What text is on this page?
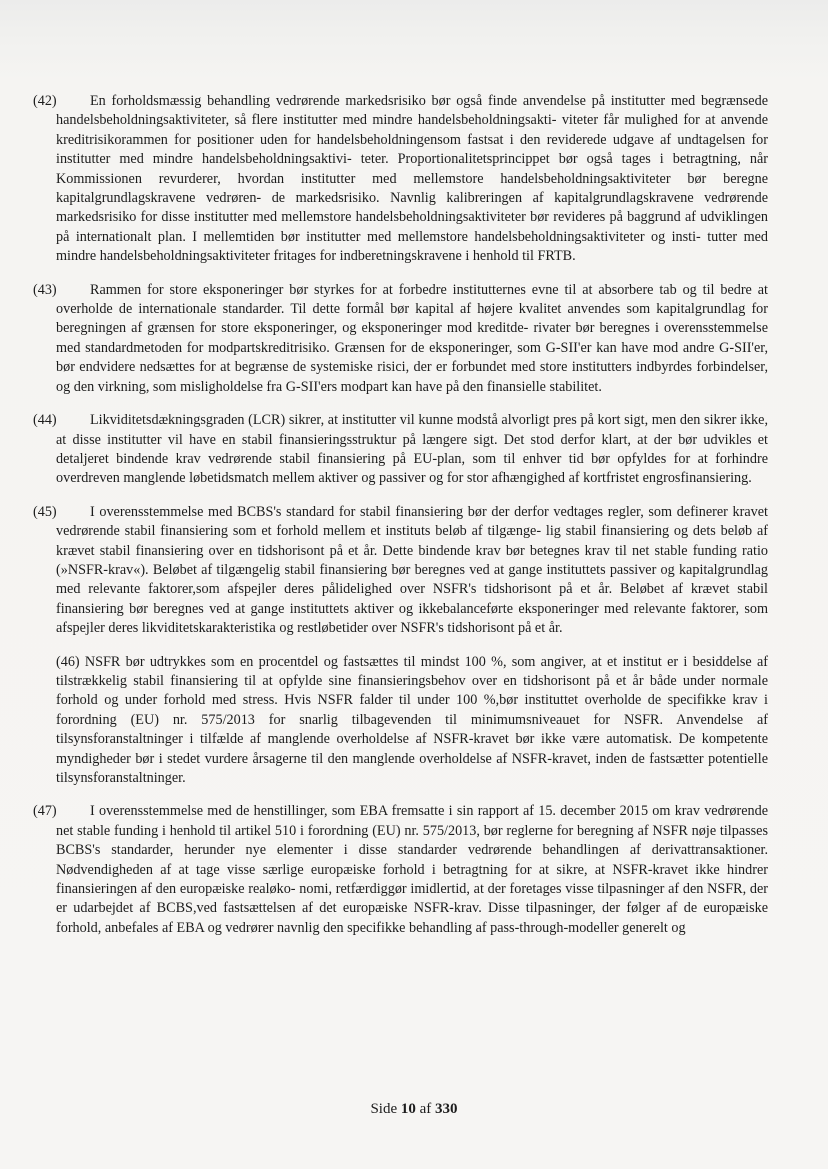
(42)	En forholdsmæssig behandling vedrørende markedsrisiko bør også finde anvendelse på institutter med begrænsede handelsbeholdningsaktiviteter, så flere institutter med mindre handelsbeholdningsakti- viteter får mulighed for at anvende kreditrisikorammen for positioner uden for handelsbeholdningensom fastsat i den reviderede udgave af undtagelsen for institutter med mindre handelsbeholdningsaktivi- teter. Proportionalitetsprincippet bør også tages i betragtning, når Kommissionen revurderer, hvordan institutter med mellemstore handelsbeholdningsaktiviteter bør beregne kapitalgrundlagskravene vedrøren- de markedsrisiko. Navnlig kalibreringen af kapitalgrundlagskravene vedrørende markedsrisiko for disse institutter med mellemstore handelsbeholdningsaktiviteter bør revideres på baggrund af udviklingen på internationalt plan. I mellemtiden bør institutter med mellemstore handelsbeholdningsaktiviteter og insti- tutter med mindre handelsbeholdningsaktiviteter fritages for indberetningskravene i henhold til FRTB.
(43)	Rammen for store eksponeringer bør styrkes for at forbedre institutternes evne til at absorbere tab og til bedre at overholde de internationale standarder. Til dette formål bør kapital af højere kvalitet anvendes som kapitalgrundlag for beregningen af grænsen for store eksponeringer, og eksponeringer mod kreditde- rivater bør beregnes i overensstemmelse med standardmetoden for modpartskreditrisiko. Grænsen for de eksponeringer, som G-SII'er kan have mod andre G-SII'er, bør endvidere nedsættes for at begrænse de systemiske risici, der er forbundet med store institutters indbyrdes forbindelser, og den virkning, som misligholdelse fra G-SII'ers modpart kan have på den finansielle stabilitet.
(44)	Likviditetsdækningsgraden (LCR) sikrer, at institutter vil kunne modstå alvorligt pres på kort sigt, men den sikrer ikke, at disse institutter vil have en stabil finansieringsstruktur på længere sigt. Det stod derfor klart, at der bør udvikles et detaljeret bindende krav vedrørende stabil finansiering på EU-plan, som til enhver tid bør opfyldes for at forhindre overdreven manglende løbetidsmatch mellem aktiver og passiver og for stor afhængighed af kortfristet engrosfinansiering.
(45)	I overensstemmelse med BCBS's standard for stabil finansiering bør der derfor vedtages regler, som definerer kravet vedrørende stabil finansiering som et forhold mellem et instituts beløb af tilgænge- lig stabil finansiering og dets beløb af krævet stabil finansiering over en tidshorisont på et år. Dette bindende krav bør betegnes krav til net stable funding ratio (»NSFR-krav«). Beløbet af tilgængelig stabil finansiering bør beregnes ved at gange instituttets passiver og kapitalgrundlag med relevante faktorer,som afspejler deres pålidelighed over NSFR's tidshorisont på et år. Beløbet af krævet stabil finansiering bør beregnes ved at gange instituttets aktiver og ikkebalanceførte eksponeringer med relevante faktorer, som afspejler deres likviditetskarakteristika og restløbetider over NSFR's tidshorisont på et år.
(46) NSFR bør udtrykkes som en procentdel og fastsættes til mindst 100 %, som angiver, at et institut er i besiddelse af tilstrækkelig stabil finansiering til at opfylde sine finansieringsbehov over en tidshorisont på et år både under normale forhold og under forhold med stress. Hvis NSFR falder til under 100 %,bør instituttet overholde de specifikke krav i forordning (EU) nr. 575/2013 for snarlig tilbagevenden til minimumsniveauet for NSFR. Anvendelse af tilsynsforanstaltninger i tilfælde af manglende overholdelse af NSFR-kravet bør ikke være automatisk. De kompetente myndigheder bør i stedet vurdere årsagerne til den manglende overholdelse af NSFR-kravet, inden de fastsætter potentielle tilsynsforanstaltninger.
(47)	I overensstemmelse med de henstillinger, som EBA fremsatte i sin rapport af 15. december 2015 om krav vedrørende net stable funding i henhold til artikel 510 i forordning (EU) nr. 575/2013, bør reglerne for beregning af NSFR nøje tilpasses BCBS's standarder, herunder nye elementer i disse standarder vedrørende behandlingen af derivattransaktioner. Nødvendigheden af at tage visse særlige europæiske forhold i betragtning for at sikre, at NSFR-kravet ikke hindrer finansieringen af den europæiske realøko- nomi, retfærdiggør imidlertid, at der foretages visse tilpasninger af den NSFR, der er udarbejdet af BCBS,ved fastsættelsen af det europæiske NSFR-krav. Disse tilpasninger, der følger af de europæiske forhold, anbefales af EBA og vedrører navnlig den specifikke behandling af pass-through-modeller generelt og
Side 10 af 330
